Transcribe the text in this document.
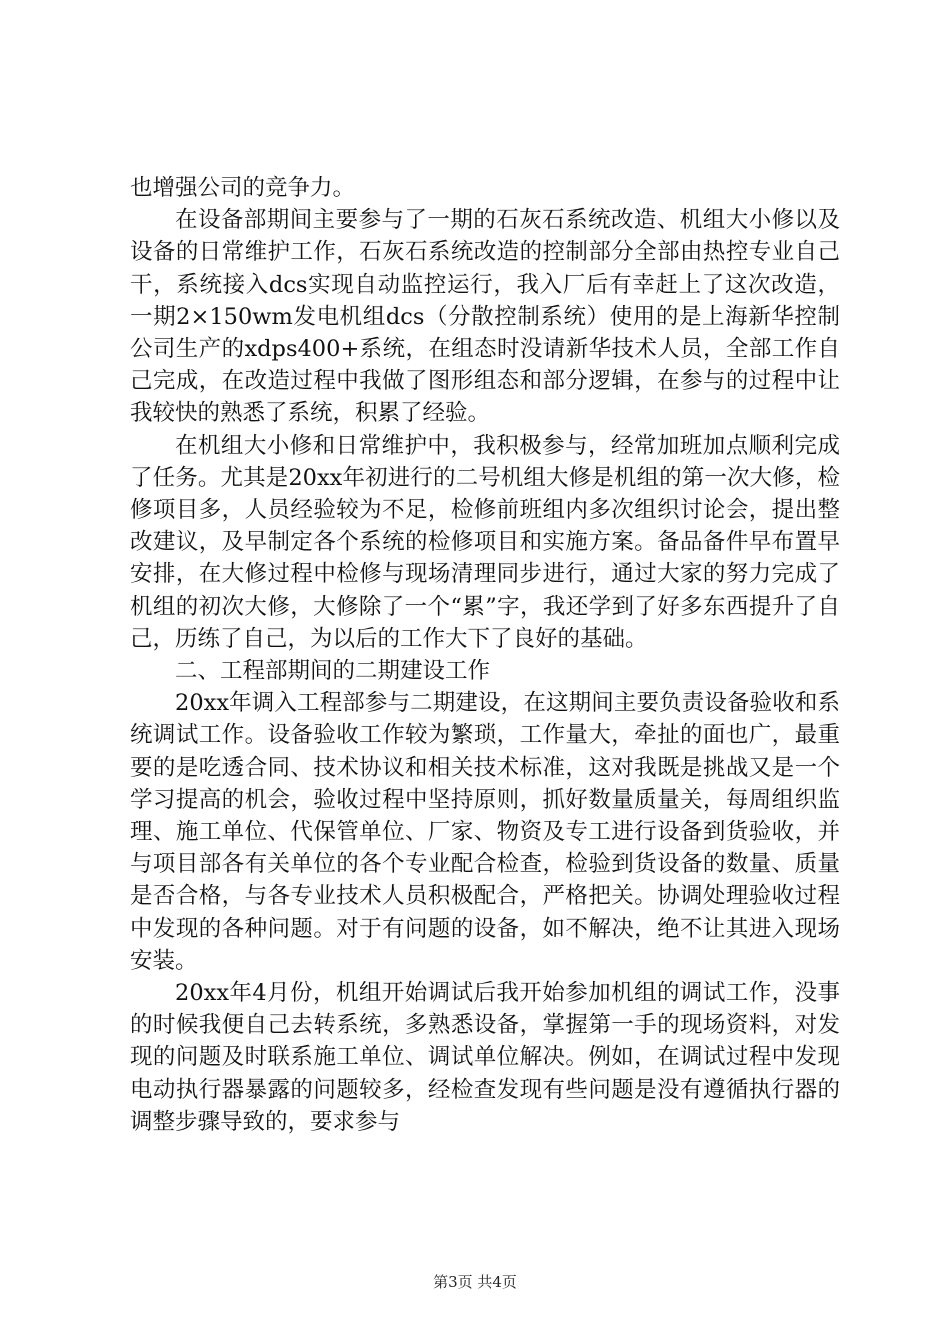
也增强公司的竞争力。

在设备部期间主要参与了一期的石灰石系统改造、机组大小修以及设备的日常维护工作，石灰石系统改造的控制部分全部由热控专业自己干，系统接入dcs实现自动监控运行，我入厂后有幸赶上了这次改造，一期2×150wm发电机组dcs（分散控制系统）使用的是上海新华控制公司生产的xdps400+系统，在组态时没请新华技术人员，全部工作自己完成，在改造过程中我做了图形组态和部分逻辑，在参与的过程中让我较快的熟悉了系统，积累了经验。

在机组大小修和日常维护中，我积极参与，经常加班加点顺利完成了任务。尤其是20xx年初进行的二号机组大修是机组的第一次大修，检修项目多，人员经验较为不足，检修前班组内多次组织讨论会，提出整改建议，及早制定各个系统的检修项目和实施方案。备品备件早布置早安排，在大修过程中检修与现场清理同步进行，通过大家的努力完成了机组的初次大修，大修除了一个“累”字，我还学到了好多东西提升了自己，历练了自己，为以后的工作大下了良好的基础。

二、工程部期间的二期建设工作

20xx年调入工程部参与二期建设，在这期间主要负责设备验收和系统调试工作。设备验收工作较为繁琐，工作量大，牵扯的面也广，最重要的是吃透合同、技术协议和相关技术标准，这对我既是挑战又是一个学习提高的机会，验收过程中坚持原则，抓好数量质量关，每周组织监理、施工单位、代保管单位、厂家、物资及专工进行设备到货验收，并与项目部各有关单位的各个专业配合检查，检验到货设备的数量、质量是否合格，与各专业技术人员积极配合，严格把关。协调处理验收过程中发现的各种问题。对于有问题的设备，如不解决，绝不让其进入现场安装。

20xx年4月份，机组开始调试后我开始参加机组的调试工作，没事的时候我便自己去转系统，多熟悉设备，掌握第一手的现场资料，对发现的问题及时联系施工单位、调试单位解决。例如，在调试过程中发现电动执行器暴露的问题较多，经检查发现有些问题是没有遵循执行器的调整步骤导致的，要求参与

第3页 共4页
